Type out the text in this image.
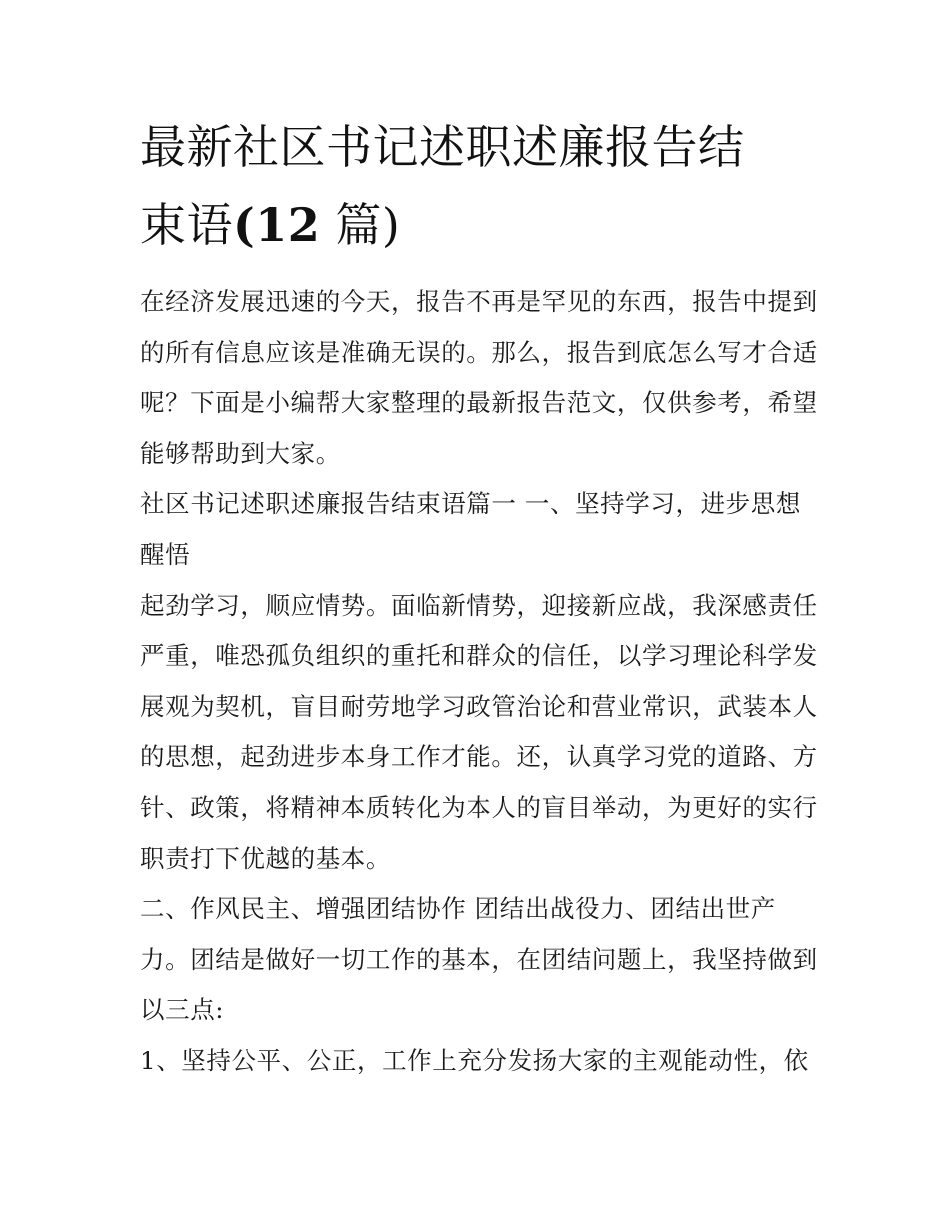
最新社区书记述职述廉报告结
束语(12 篇)
在经济发展迅速的今天，报告不再是罕见的东西，报告中提到
的所有信息应该是准确无误的。那么，报告到底怎么写才合适
呢？下面是小编帮大家整理的最新报告范文，仅供参考，希望
能够帮助到大家。
社区书记述职述廉报告结束语篇一 一、坚持学习，进步思想
醒悟
起劲学习，顺应情势。面临新情势，迎接新应战，我深感责任
严重，唯恐孤负组织的重托和群众的信任，以学习理论科学发
展观为契机，盲目耐劳地学习政管治论和营业常识，武装本人
的思想，起劲进步本身工作才能。还，认真学习党的道路、方
针、政策，将精神本质转化为本人的盲目举动，为更好的实行
职责打下优越的基本。
二、作风民主、增强团结协作 团结出战役力、团结出世产
力。团结是做好一切工作的基本，在团结问题上，我坚持做到
以三点:
1、坚持公平、公正，工作上充分发扬大家的主观能动性，依
